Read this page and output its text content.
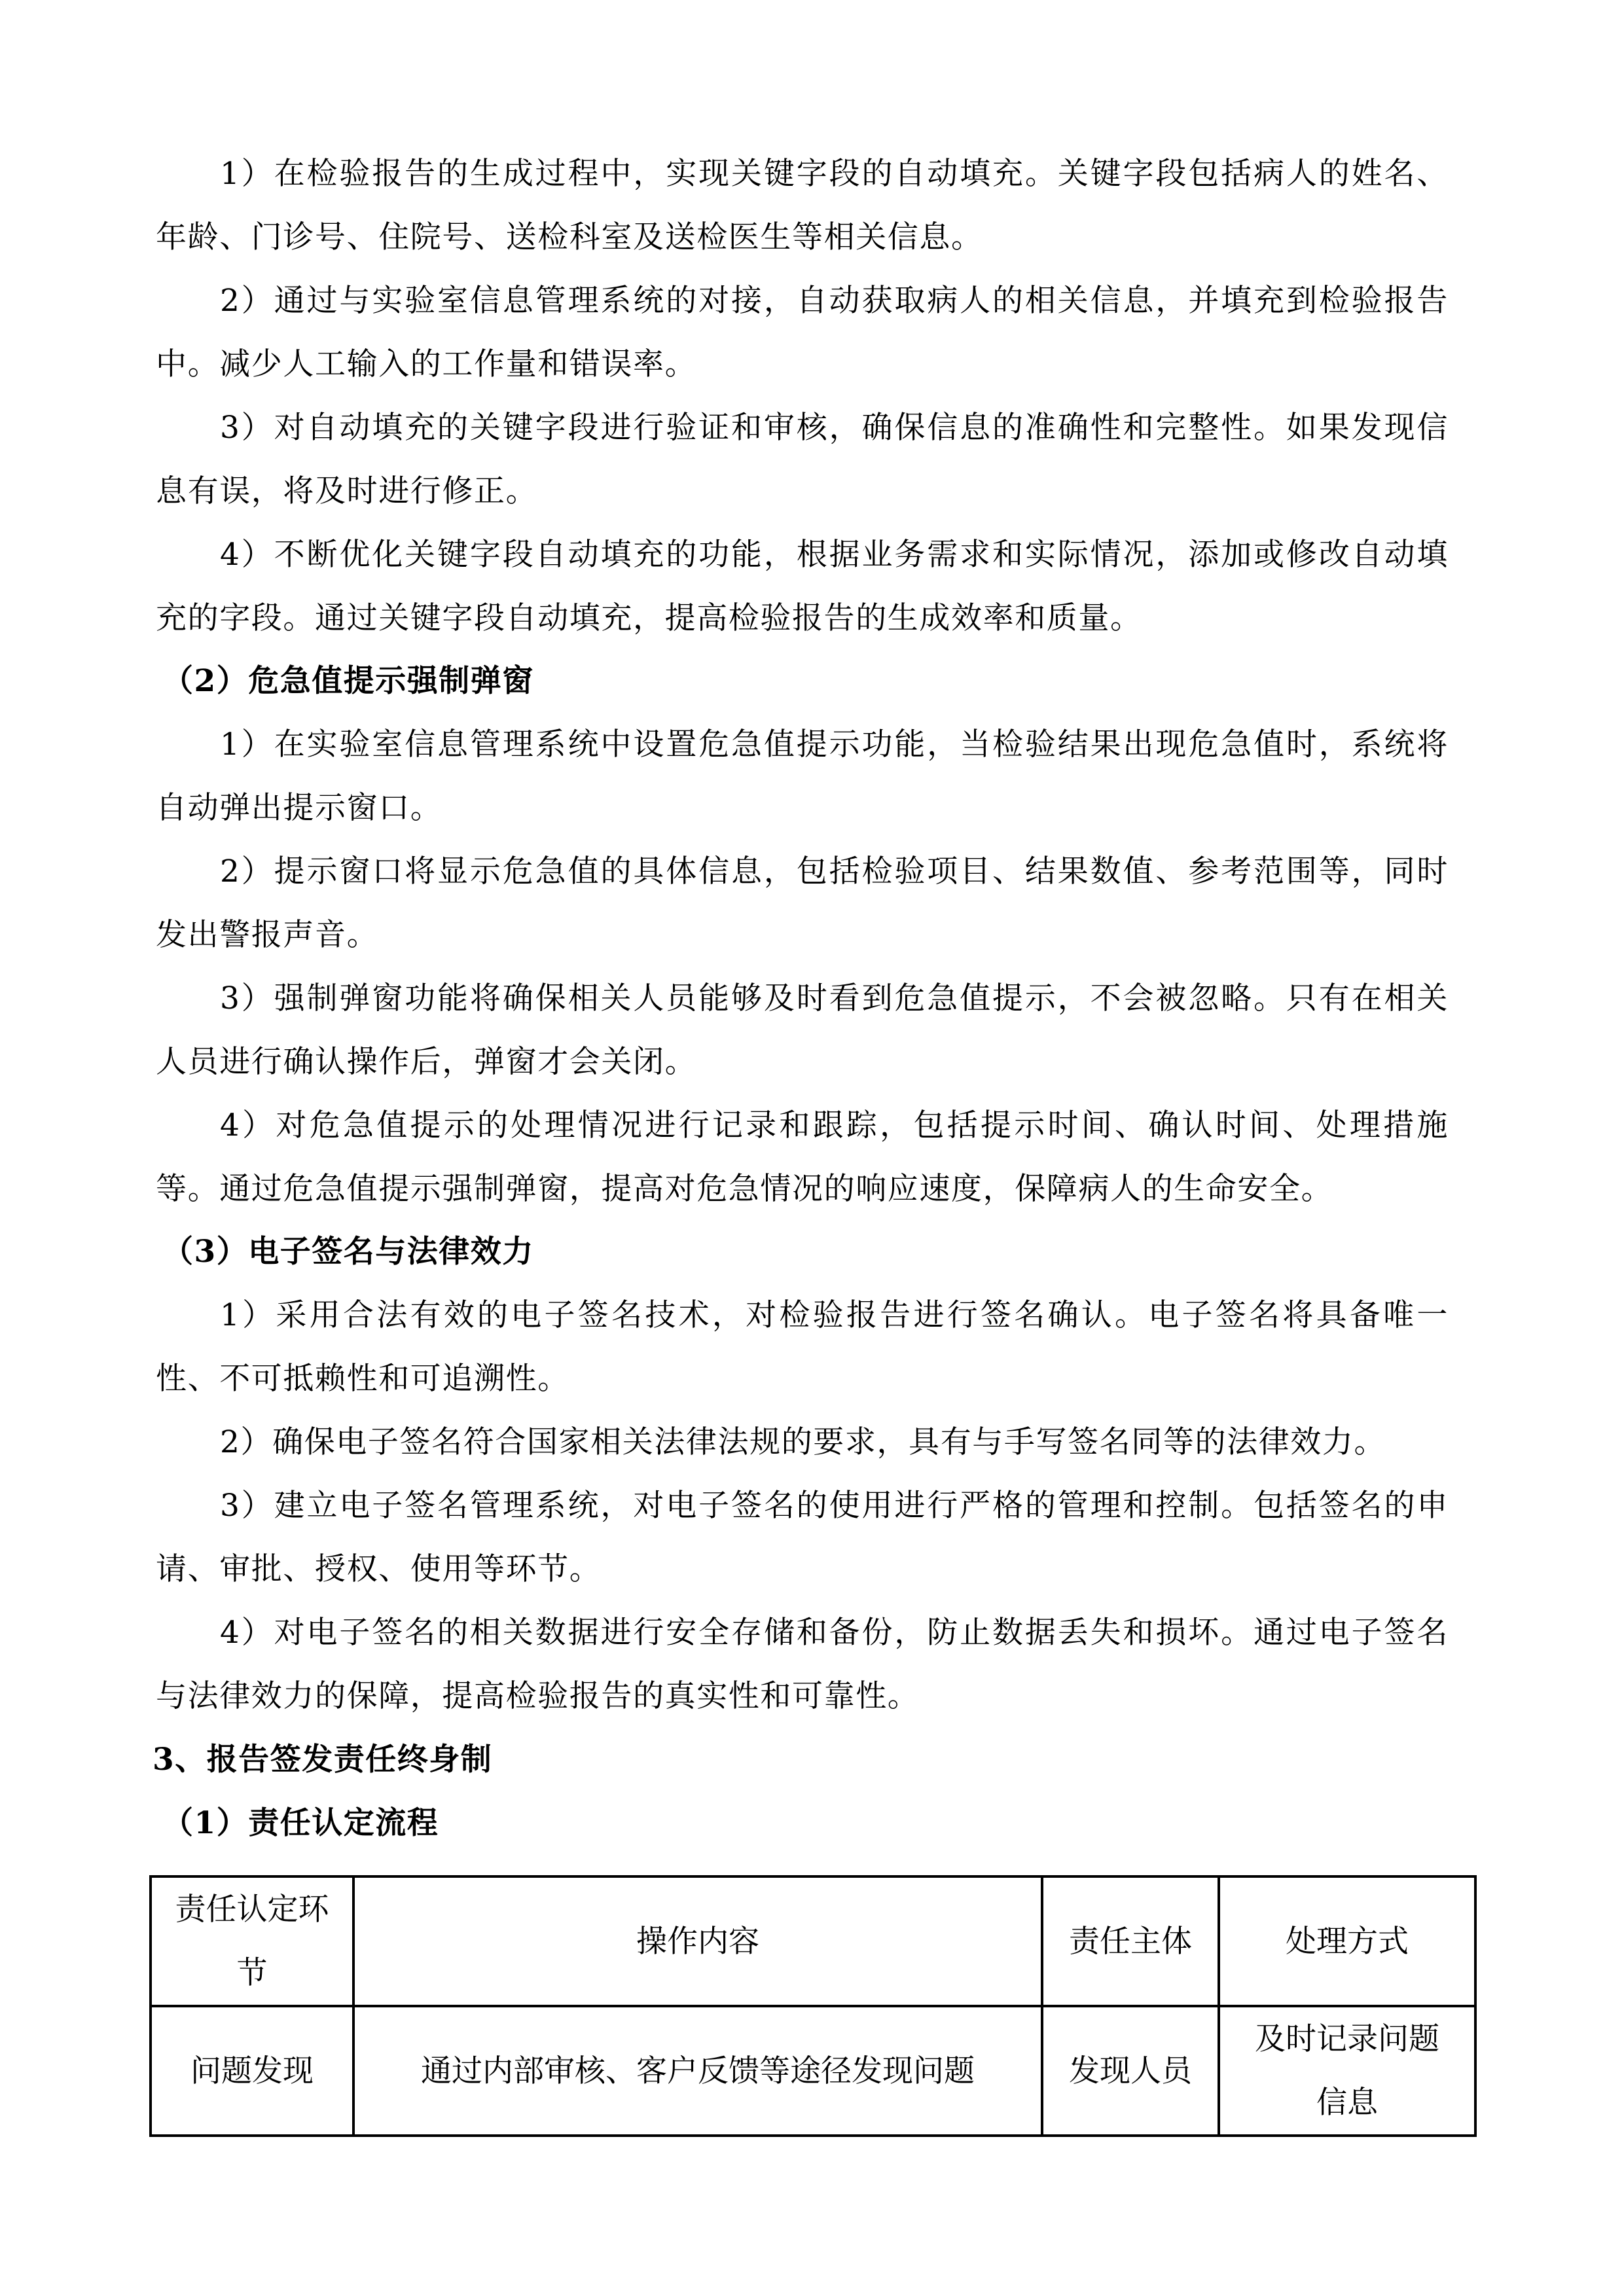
1）在检验报告的生成过程中，实现关键字段的自动填充。关键字段包括病人的姓名、
年龄、门诊号、住院号、送检科室及送检医生等相关信息。
2）通过与实验室信息管理系统的对接，自动获取病人的相关信息，并填充到检验报告
中。减少人工输入的工作量和错误率。
3）对自动填充的关键字段进行验证和审核，确保信息的准确性和完整性。如果发现信
息有误，将及时进行修正。
4）不断优化关键字段自动填充的功能，根据业务需求和实际情况，添加或修改自动填
充的字段。通过关键字段自动填充，提高检验报告的生成效率和质量。
（2）危急值提示强制弹窗
1）在实验室信息管理系统中设置危急值提示功能，当检验结果出现危急值时，系统将
自动弹出提示窗口。
2）提示窗口将显示危急值的具体信息，包括检验项目、结果数值、参考范围等，同时
发出警报声音。
3）强制弹窗功能将确保相关人员能够及时看到危急值提示，不会被忽略。只有在相关
人员进行确认操作后，弹窗才会关闭。
4）对危急值提示的处理情况进行记录和跟踪，包括提示时间、确认时间、处理措施
等。通过危急值提示强制弹窗，提高对危急情况的响应速度，保障病人的生命安全。
（3）电子签名与法律效力
1）采用合法有效的电子签名技术，对检验报告进行签名确认。电子签名将具备唯一
性、不可抵赖性和可追溯性。
2）确保电子签名符合国家相关法律法规的要求，具有与手写签名同等的法律效力。
3）建立电子签名管理系统，对电子签名的使用进行严格的管理和控制。包括签名的申
请、审批、授权、使用等环节。
4）对电子签名的相关数据进行安全存储和备份，防止数据丢失和损坏。通过电子签名
与法律效力的保障，提高检验报告的真实性和可靠性。
3、报告签发责任终身制
（1）责任认定流程
责任认定环节	操作内容	责任主体	处理方式
问题发现	通过内部审核、客户反馈等途径发现问题	发现人员	及时记录问题信息
